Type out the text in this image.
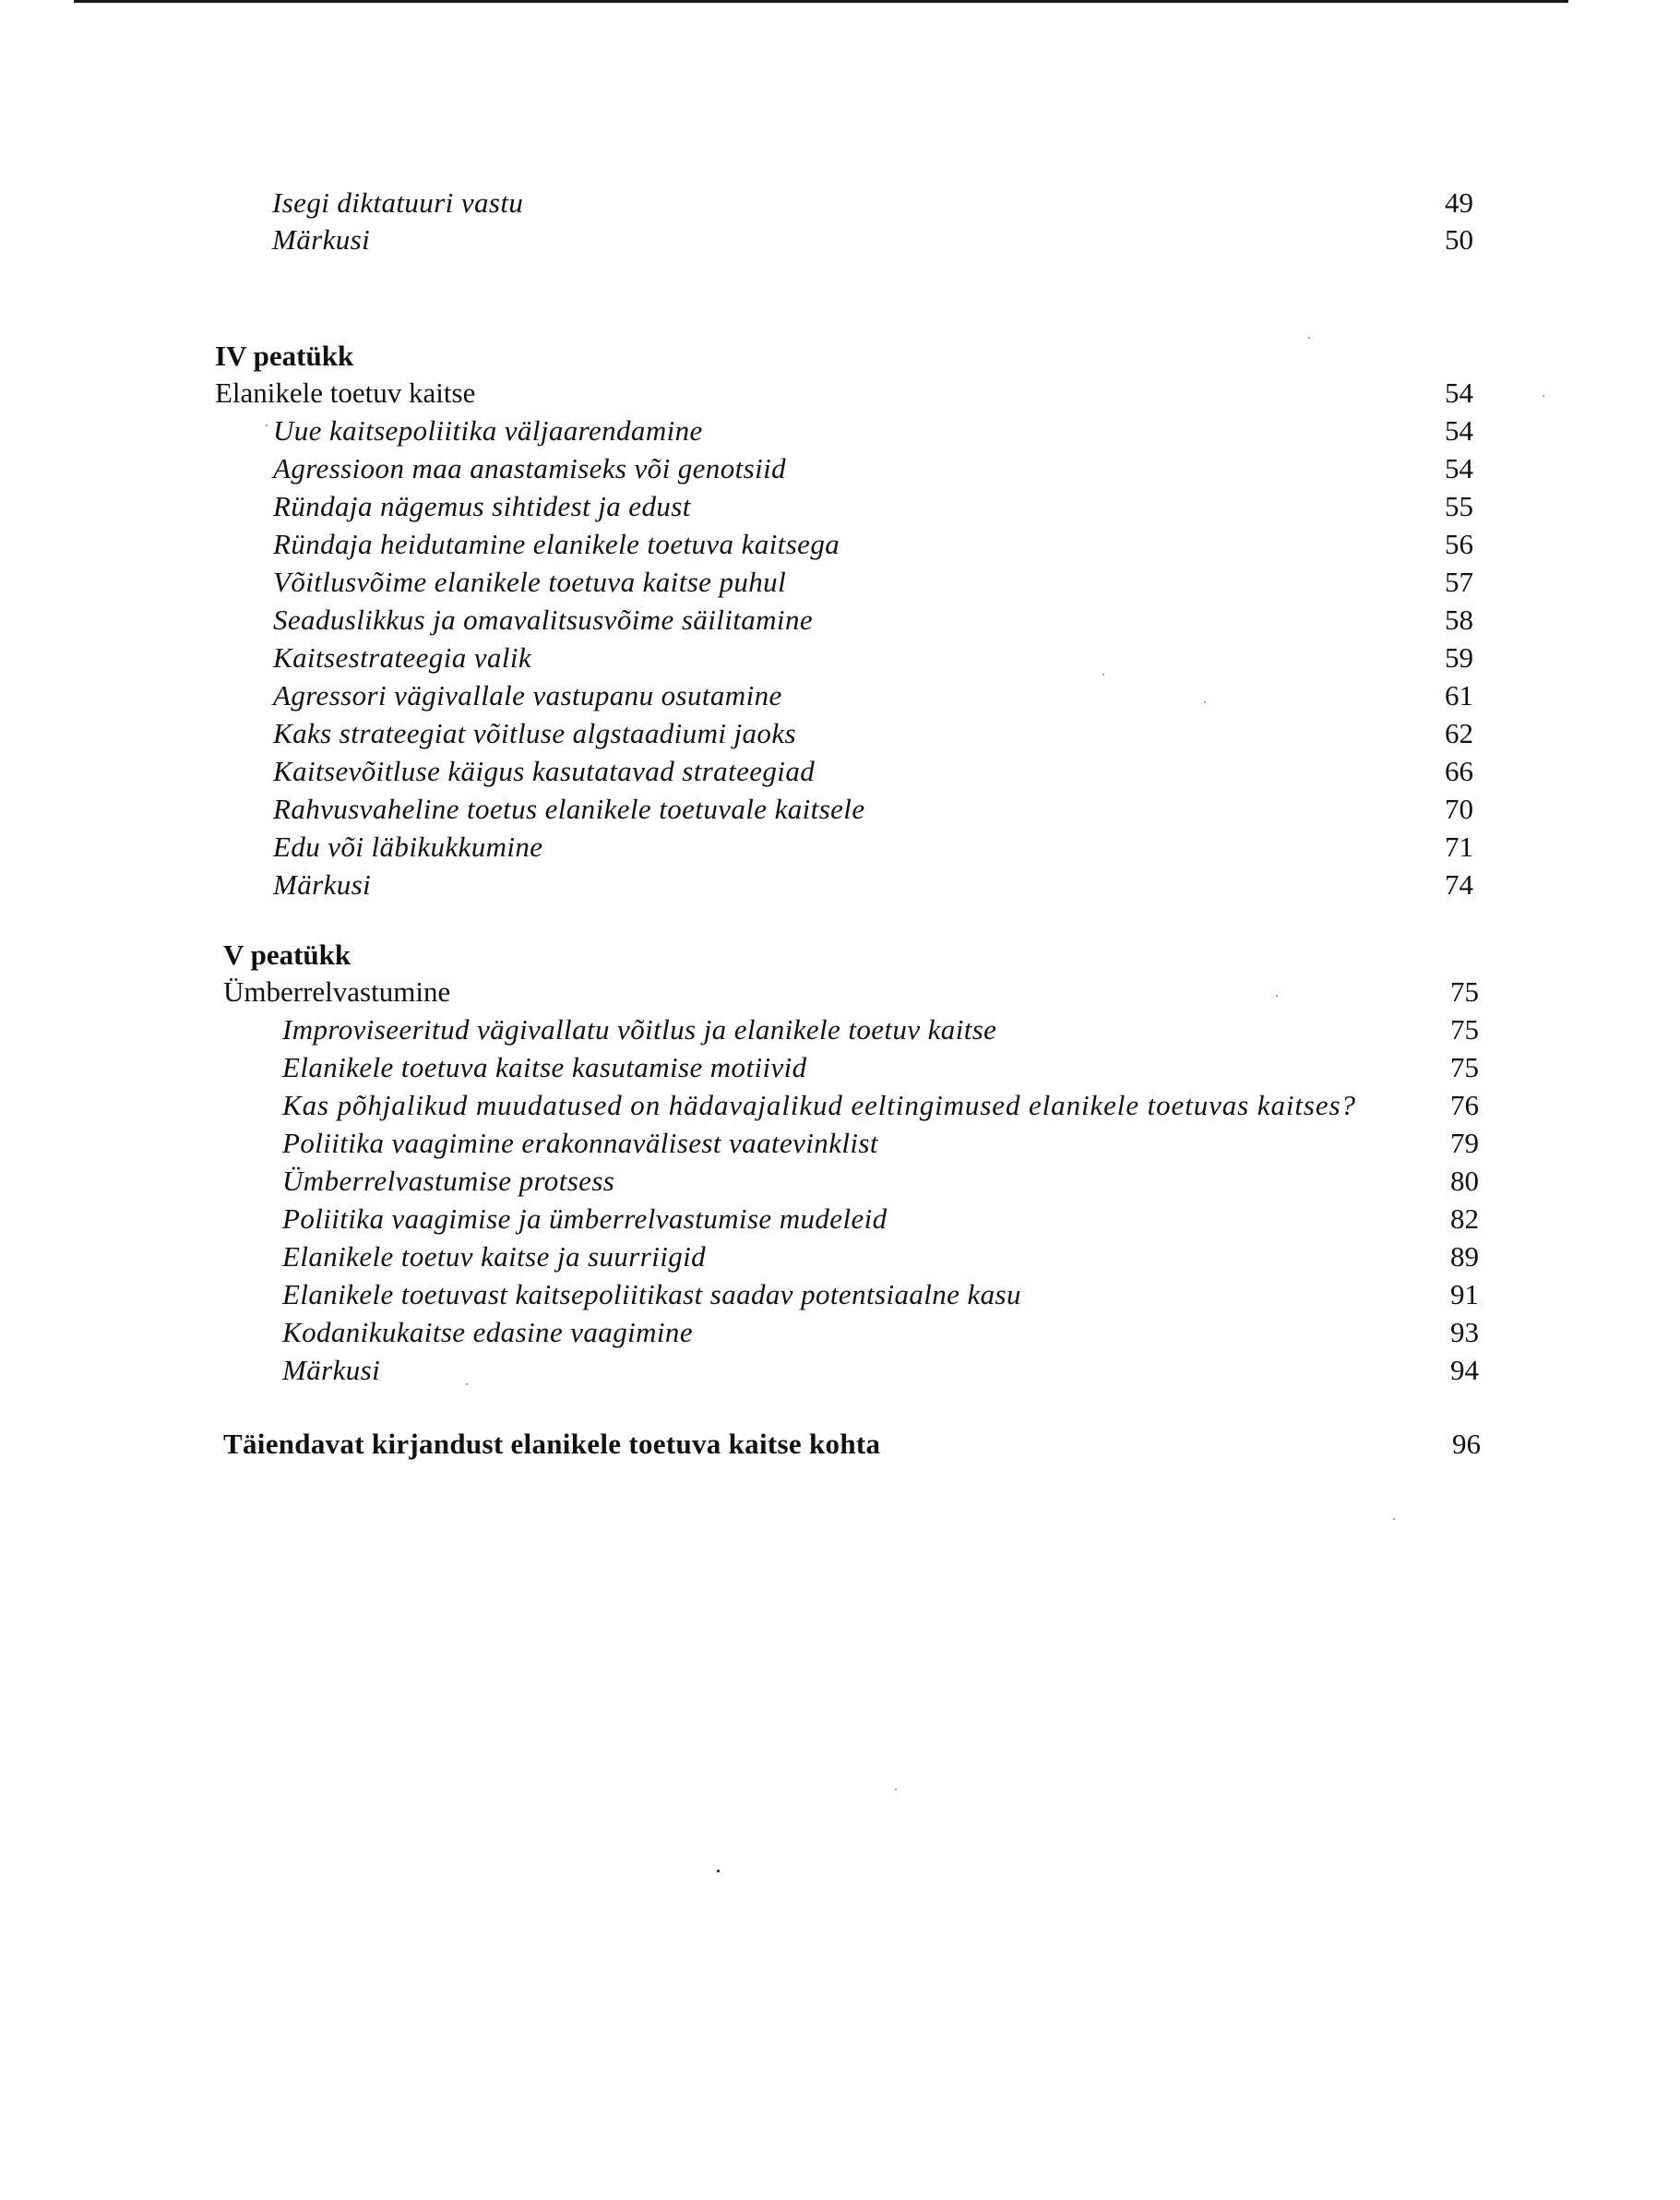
Isegi diktatuuri vastu	49
Märkusi	50
IV peatükk
Elanikele toetuv kaitse	54
Uue kaitsepoliitika väljaarendamine	54
Agressioon maa anastamiseks või genotsiid	54
Ründaja nägemus sihtidest ja edust	55
Ründaja heidutamine elanikele toetuva kaitsega	56
Võitlusvõime elanikele toetuva kaitse puhul	57
Seaduslikkus ja omavalitsusvõime säilitamine	58
Kaitsestrateegia valik	59
Agressori vägivallale vastupanu osutamine	61
Kaks strateegiat võitluse algstaadiumi jaoks	62
Kaitsevõitluse käigus kasutatavad strateegiad	66
Rahvusvaheline toetus elanikele toetuvale kaitsele	70
Edu või läbikukkumine	71
Märkusi	74
V peatükk
Ümberrelvastumine	75
Improviseeritud vägivallatu võitlus ja elanikele toetuv kaitse	75
Elanikele toetuva kaitse kasutamise motiivid	75
Kas põhjalikud muudatused on hädavajalikud eeltingimused elanikele toetuvas kaitses?	76
Poliitika vaagimine erakonnavälisest vaatevinklist	79
Ümberrelvastumise protsess	80
Poliitika vaagimise ja ümberrelvastumise mudeleid	82
Elanikele toetuv kaitse ja suurriigid	89
Elanikele toetuvast kaitsepoliitikast saadav potentsiaalne kasu	91
Kodanikukaitse edasine vaagimine	93
Märkusi	94
Täiendavat kirjandust elanikele toetuva kaitse kohta	96
